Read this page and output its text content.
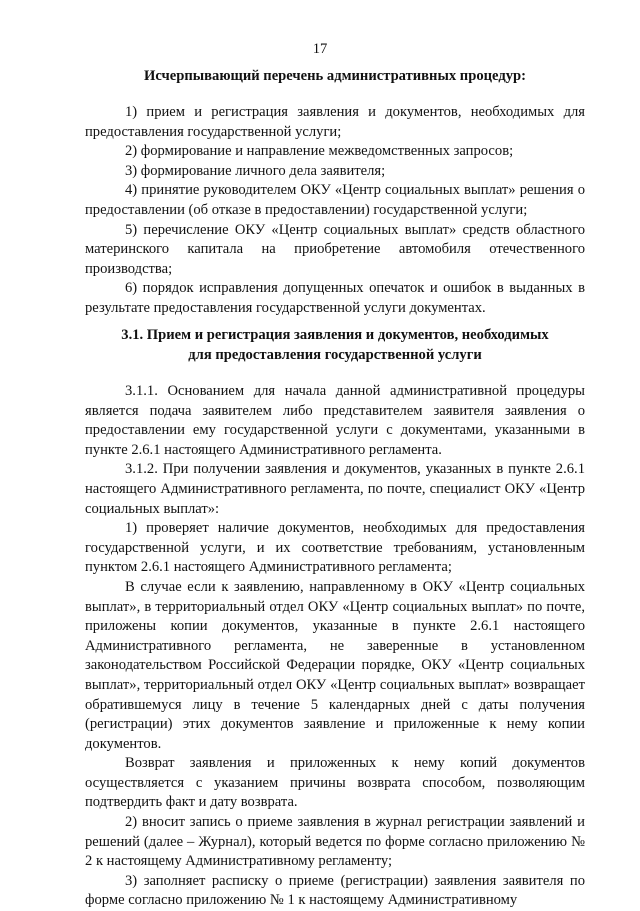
17
Исчерпывающий перечень административных процедур:

1) прием и регистрация заявления и документов, необходимых для предоставления государственной услуги;

2) формирование и направление межведомственных запросов;

3) формирование личного дела заявителя;

4) принятие руководителем ОКУ «Центр социальных выплат» решения о предоставлении (об отказе в предоставлении) государственной услуги;

5) перечисление ОКУ «Центр социальных выплат» средств областного материнского капитала на приобретение автомобиля отечественного производства;

6) порядок исправления допущенных опечаток и ошибок в выданных в результате предоставления государственной услуги документах.

3.1. Прием и регистрация заявления и документов, необходимых

для предоставления государственной услуги

3.1.1. Основанием для начала данной административной процедуры является подача заявителем либо представителем заявителя заявления о предоставлении ему государственной услуги с документами, указанными в пункте 2.6.1 настоящего Административного регламента.

3.1.2. При получении заявления и документов, указанных в пункте 2.6.1 настоящего Административного регламента, по почте, специалист ОКУ «Центр социальных выплат»:

1) проверяет наличие документов, необходимых для предоставления государственной услуги, и их соответствие требованиям, установленным пунктом 2.6.1 настоящего Административного регламента;

В случае если к заявлению, направленному в ОКУ «Центр социальных выплат», в территориальный отдел ОКУ «Центр социальных выплат» по почте, приложены копии документов, указанные в пункте 2.6.1 настоящего Административного регламента, не заверенные в установленном законодательством Российской Федерации порядке, ОКУ «Центр социальных выплат», территориальный отдел ОКУ «Центр социальных выплат» возвращает обратившемуся лицу в течение 5 календарных дней с даты получения (регистрации) этих документов заявление и приложенные к нему копии документов.

Возврат заявления и приложенных к нему копий документов осуществляется с указанием причины возврата способом, позволяющим подтвердить факт и дату возврата.

2) вносит запись о приеме заявления в журнал регистрации заявлений и решений (далее – Журнал), который ведется по форме согласно приложению № 2 к настоящему Административному регламенту;

3) заполняет расписку о приеме (регистрации) заявления заявителя по форме согласно приложению № 1 к настоящему Административному
